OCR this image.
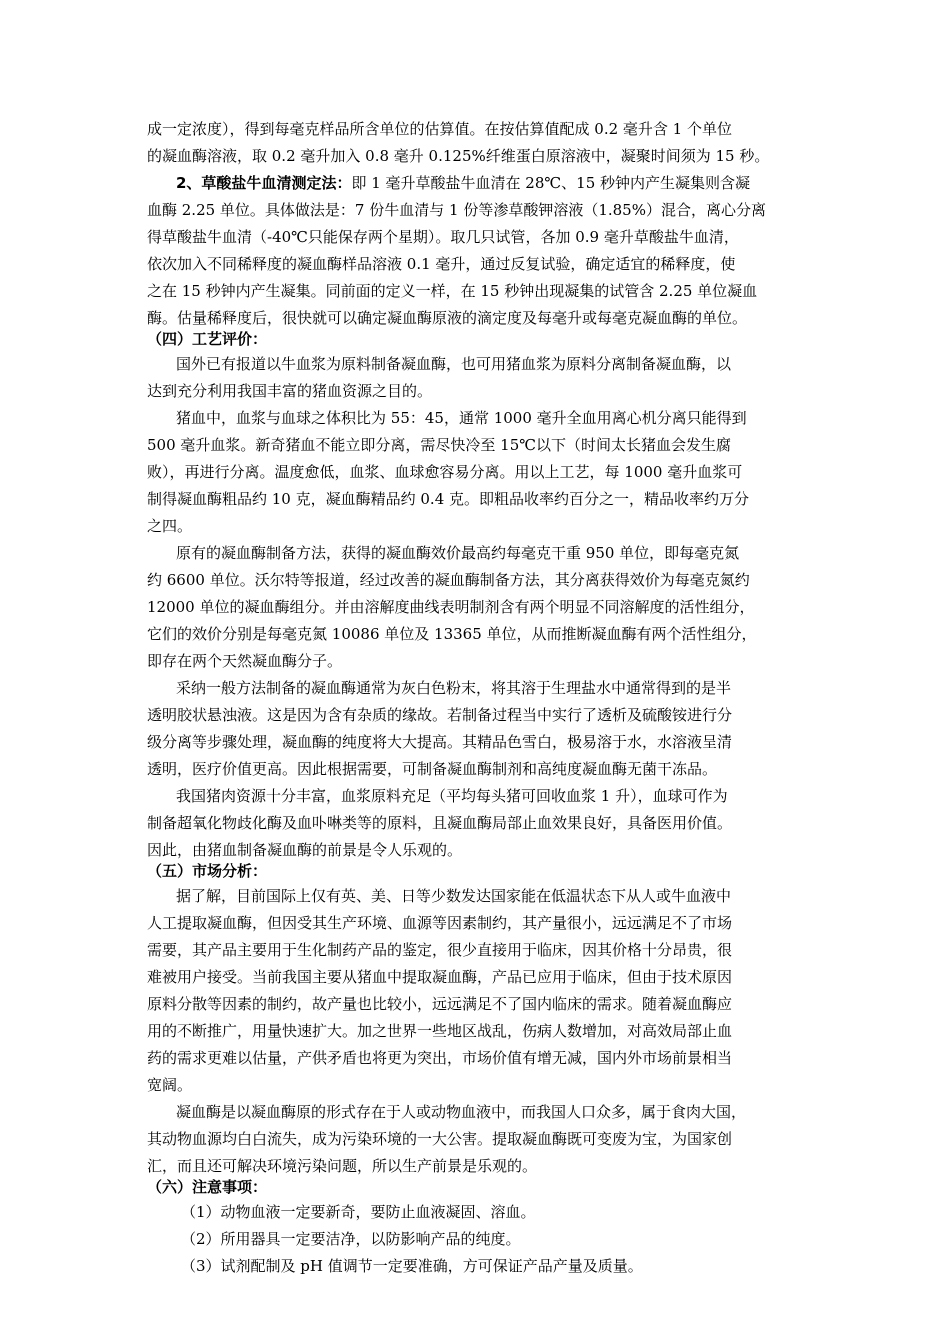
成一定浓度），得到每毫克样品所含单位的估算值。在按估算值配成 0.2 毫升含 1 个单位
的凝血酶溶液，取 0.2 毫升加入 0.8 毫升 0.125%纤维蛋白原溶液中，凝聚时间须为 15 秒。
2、草酸盐牛血清测定法：即 1 毫升草酸盐牛血清在 28℃、15 秒钟内产生凝集则含凝
血酶 2.25 单位。具体做法是：7 份牛血清与 1 份等渗草酸钾溶液（1.85%）混合，离心分离
得草酸盐牛血清（-40℃只能保存两个星期）。取几只试管，各加 0.9 毫升草酸盐牛血清，
依次加入不同稀释度的凝血酶样品溶液 0.1 毫升，通过反复试验，确定适宜的稀释度，使
之在 15 秒钟内产生凝集。同前面的定义一样，在 15 秒钟出现凝集的试管含 2.25 单位凝血
酶。估量稀释度后，很快就可以确定凝血酶原液的滴定度及每毫升或每毫克凝血酶的单位。
（四）工艺评价：
国外已有报道以牛血浆为原料制备凝血酶，也可用猪血浆为原料分离制备凝血酶，以
达到充分利用我国丰富的猪血资源之目的。
猪血中，血浆与血球之体积比为 55：45，通常 1000 毫升全血用离心机分离只能得到
500 毫升血浆。新奇猪血不能立即分离，需尽快冷至 15℃以下（时间太长猪血会发生腐
败），再进行分离。温度愈低，血浆、血球愈容易分离。用以上工艺，每 1000 毫升血浆可
制得凝血酶粗品约 10 克，凝血酶精品约 0.4 克。即粗品收率约百分之一，精品收率约万分
之四。
原有的凝血酶制备方法，获得的凝血酶效价最高约每毫克干重 950 单位，即每毫克氮
约 6600 单位。沃尔特等报道，经过改善的凝血酶制备方法，其分离获得效价为每毫克氮约
12000 单位的凝血酶组分。并由溶解度曲线表明制剂含有两个明显不同溶解度的活性组分，
它们的效价分别是每毫克氮 10086 单位及 13365 单位，从而推断凝血酶有两个活性组分，
即存在两个天然凝血酶分子。
采纳一般方法制备的凝血酶通常为灰白色粉末，将其溶于生理盐水中通常得到的是半
透明胶状悬浊液。这是因为含有杂质的缘故。若制备过程当中实行了透析及硫酸铵进行分
级分离等步骤处理，凝血酶的纯度将大大提高。其精品色雪白，极易溶于水，水溶液呈清
透明，医疗价值更高。因此根据需要，可制备凝血酶制剂和高纯度凝血酶无菌干冻品。
我国猪肉资源十分丰富，血浆原料充足（平均每头猪可回收血浆 1 升），血球可作为
制备超氧化物歧化酶及血卟啉类等的原料，且凝血酶局部止血效果良好，具备医用价值。
因此，由猪血制备凝血酶的前景是令人乐观的。
（五）市场分析：
据了解，目前国际上仅有英、美、日等少数发达国家能在低温状态下从人或牛血液中
人工提取凝血酶，但因受其生产环境、血源等因素制约，其产量很小，远远满足不了市场
需要，其产品主要用于生化制药产品的鉴定，很少直接用于临床，因其价格十分昂贵，很
难被用户接受。当前我国主要从猪血中提取凝血酶，产品已应用于临床，但由于技术原因
原料分散等因素的制约，故产量也比较小，远远满足不了国内临床的需求。随着凝血酶应
用的不断推广，用量快速扩大。加之世界一些地区战乱，伤病人数增加，对高效局部止血
药的需求更难以估量，产供矛盾也将更为突出，市场价值有增无减，国内外市场前景相当
宽阔。
凝血酶是以凝血酶原的形式存在于人或动物血液中，而我国人口众多，属于食肉大国，
其动物血源均白白流失，成为污染环境的一大公害。提取凝血酶既可变废为宝，为国家创
汇，而且还可解决环境污染问题，所以生产前景是乐观的。
（六）注意事项：
（1）动物血液一定要新奇，要防止血液凝固、溶血。
（2）所用器具一定要洁净，以防影响产品的纯度。
（3）试剂配制及 pH 值调节一定要准确，方可保证产品产量及质量。
